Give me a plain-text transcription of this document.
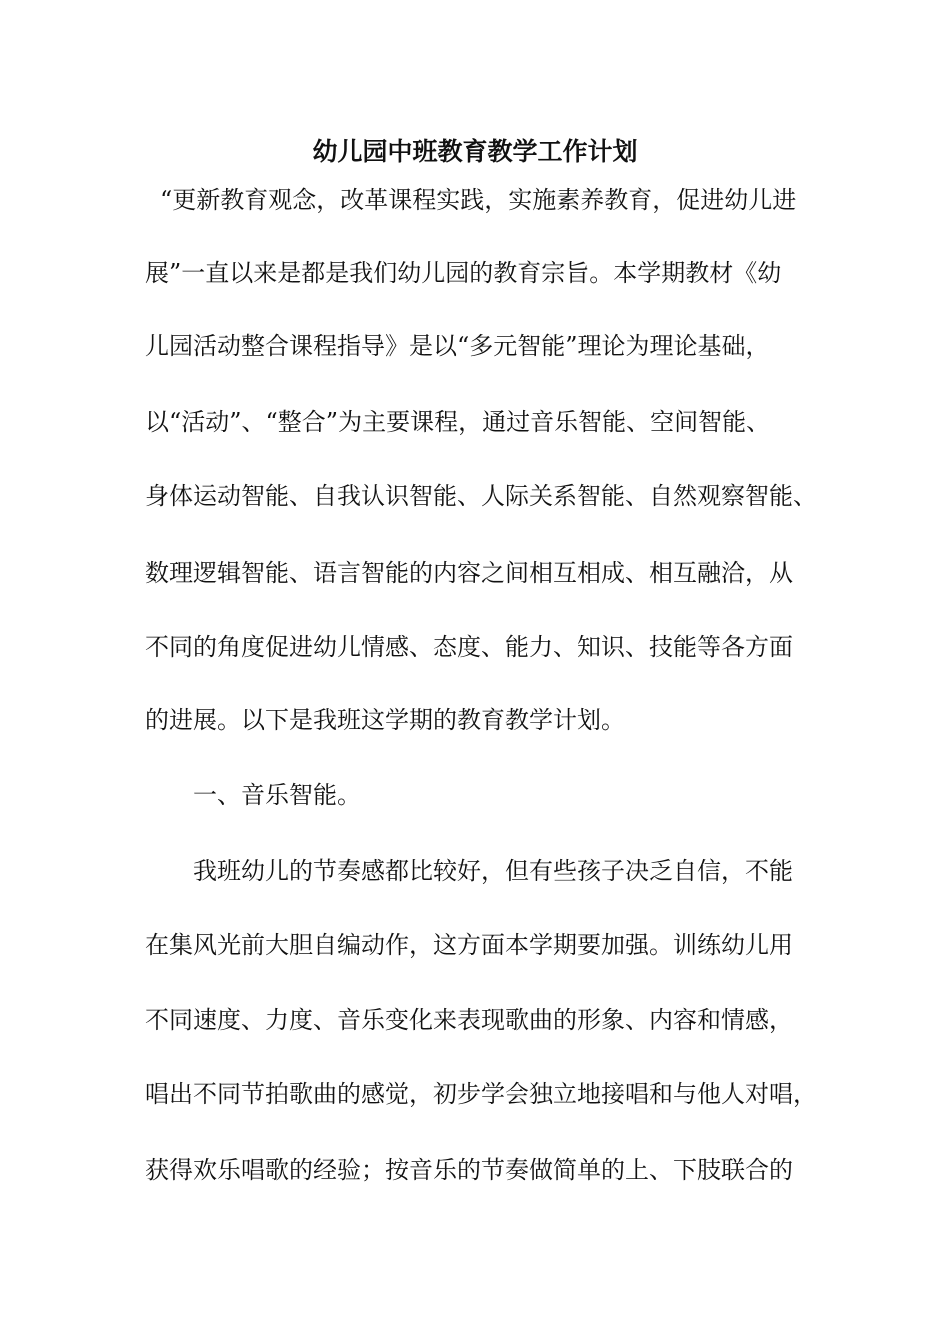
幼儿园中班教育教学工作计划
“更新教育观念，改革课程实践，实施素养教育，促进幼儿进
展”一直以来是都是我们幼儿园的教育宗旨。本学期教材《幼
儿园活动整合课程指导》是以“多元智能”理论为理论基础，
以“活动”、“整合”为主要课程，通过音乐智能、空间智能、
身体运动智能、自我认识智能、人际关系智能、自然观察智能、
数理逻辑智能、语言智能的内容之间相互相成、相互融洽，从
不同的角度促进幼儿情感、态度、能力、知识、技能等各方面
的进展。以下是我班这学期的教育教学计划。
一、音乐智能。
我班幼儿的节奏感都比较好，但有些孩子决乏自信，不能
在集风光前大胆自编动作，这方面本学期要加强。训练幼儿用
不同速度、力度、音乐变化来表现歌曲的形象、内容和情感，
唱出不同节拍歌曲的感觉，初步学会独立地接唱和与他人对唱，
获得欢乐唱歌的经验；按音乐的节奏做简单的上、下肢联合的
